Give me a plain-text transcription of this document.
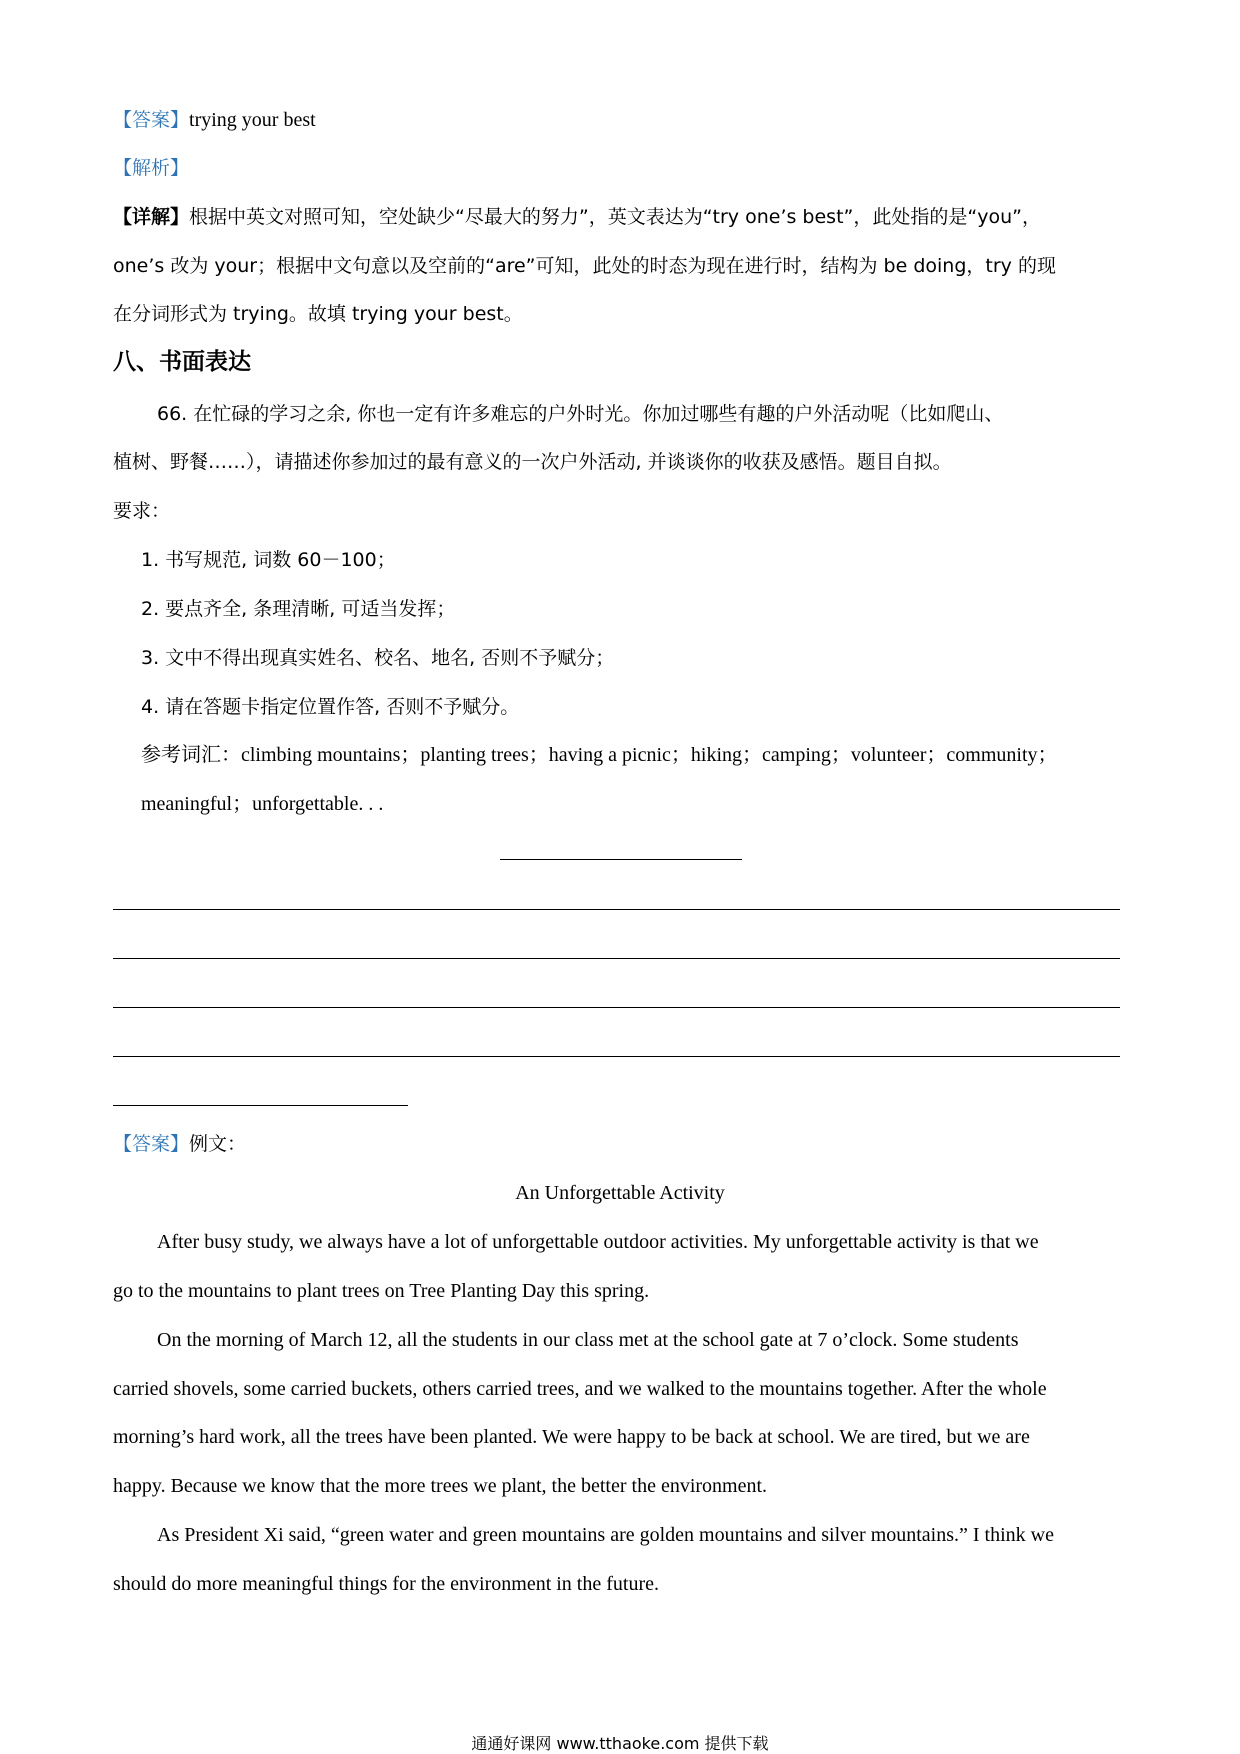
【答案】trying your best
【解析】
【详解】根据中英文对照可知，空处缺少“尽最大的努力”，英文表达为“try one’s best”，此处指的是“you”，
one’s 改为 your；根据中文句意以及空前的“are”可知，此处的时态为现在进行时，结构为 be doing，try 的现
在分词形式为 trying。故填 trying your best。
八、书面表达
66. 在忙碌的学习之余, 你也一定有许多难忘的户外时光。你加过哪些有趣的户外活动呢（比如爬山、
植树、野餐……），请描述你参加过的最有意义的一次户外活动, 并谈谈你的收获及感悟。题目自拟。
要求：
1. 书写规范, 词数 60－100；
2. 要点齐全, 条理清晰, 可适当发挥；
3. 文中不得出现真实姓名、校名、地名, 否则不予赋分；
4. 请在答题卡指定位置作答, 否则不予赋分。
参考词汇：climbing mountains；planting trees；having a picnic；hiking；camping；volunteer；community；
meaningful；unforgettable. . .
【答案】例文：
An Unforgettable Activity
After busy study, we always have a lot of unforgettable outdoor activities. My unforgettable activity is that we
go to the mountains to plant trees on Tree Planting Day this spring.
On the morning of March 12, all the students in our class met at the school gate at 7 o’clock. Some students
carried shovels, some carried buckets, others carried trees, and we walked to the mountains together. After the whole
morning’s hard work, all the trees have been planted. We were happy to be back at school. We are tired, but we are
happy. Because we know that the more trees we plant, the better the environment.
As President Xi said, “green water and green mountains are golden mountains and silver mountains.” I think we
should do more meaningful things for the environment in the future.
通通好课网 www.tthaoke.com 提供下载
